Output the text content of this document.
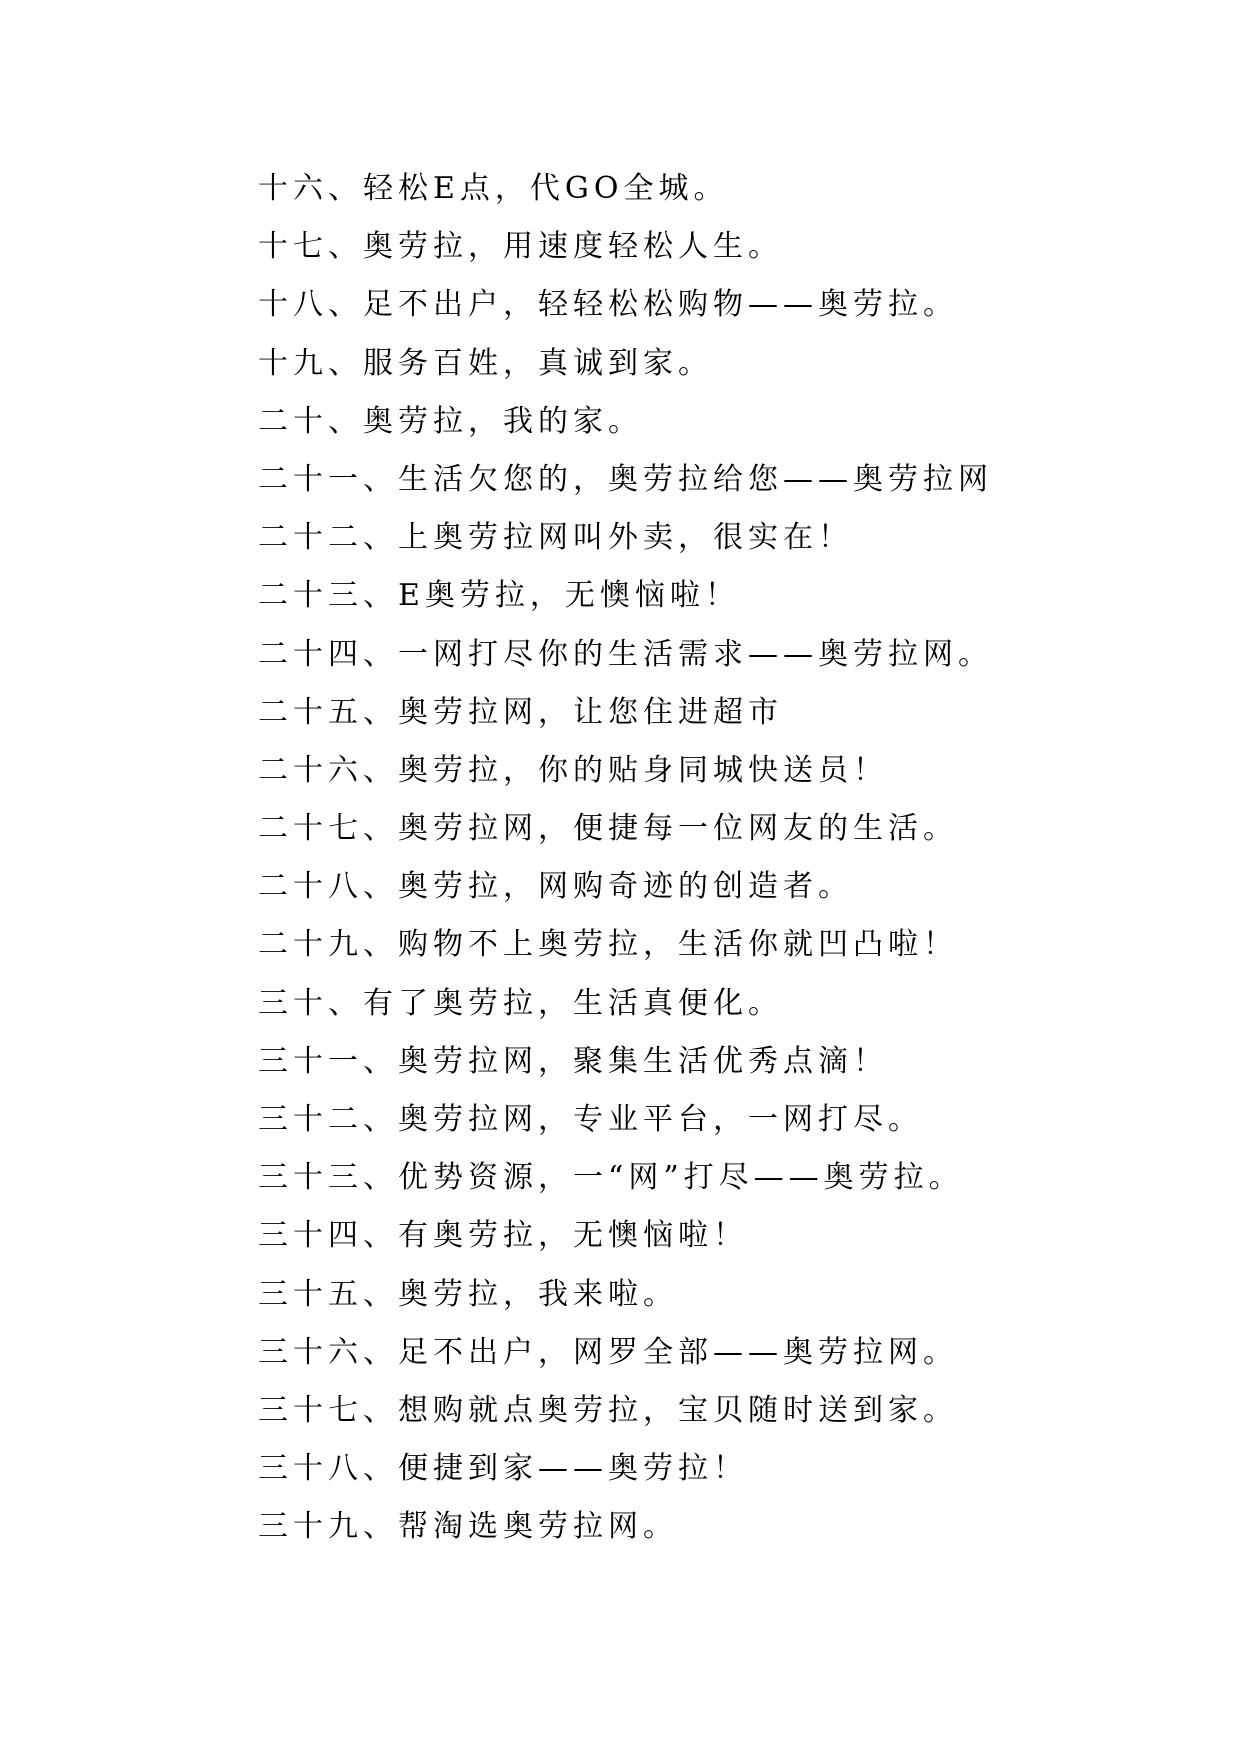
十六、轻松E点，代GO全城。
十七、奥劳拉，用速度轻松人生。
十八、足不出户，轻轻松松购物——奥劳拉。
十九、服务百姓，真诚到家。
二十、奥劳拉，我的家。
二十一、生活欠您的，奥劳拉给您——奥劳拉网
二十二、上奥劳拉网叫外卖，很实在！
二十三、E奥劳拉，无懊恼啦！
二十四、一网打尽你的生活需求——奥劳拉网。
二十五、奥劳拉网，让您住进超市
二十六、奥劳拉，你的贴身同城快送员！
二十七、奥劳拉网，便捷每一位网友的生活。
二十八、奥劳拉，网购奇迹的创造者。
二十九、购物不上奥劳拉，生活你就凹凸啦！
三十、有了奥劳拉，生活真便化。
三十一、奥劳拉网，聚集生活优秀点滴！
三十二、奥劳拉网，专业平台，一网打尽。
三十三、优势资源，一“网”打尽——奥劳拉。
三十四、有奥劳拉，无懊恼啦！
三十五、奥劳拉，我来啦。
三十六、足不出户，网罗全部——奥劳拉网。
三十七、想购就点奥劳拉，宝贝随时送到家。
三十八、便捷到家——奥劳拉！
三十九、帮淘选奥劳拉网。
